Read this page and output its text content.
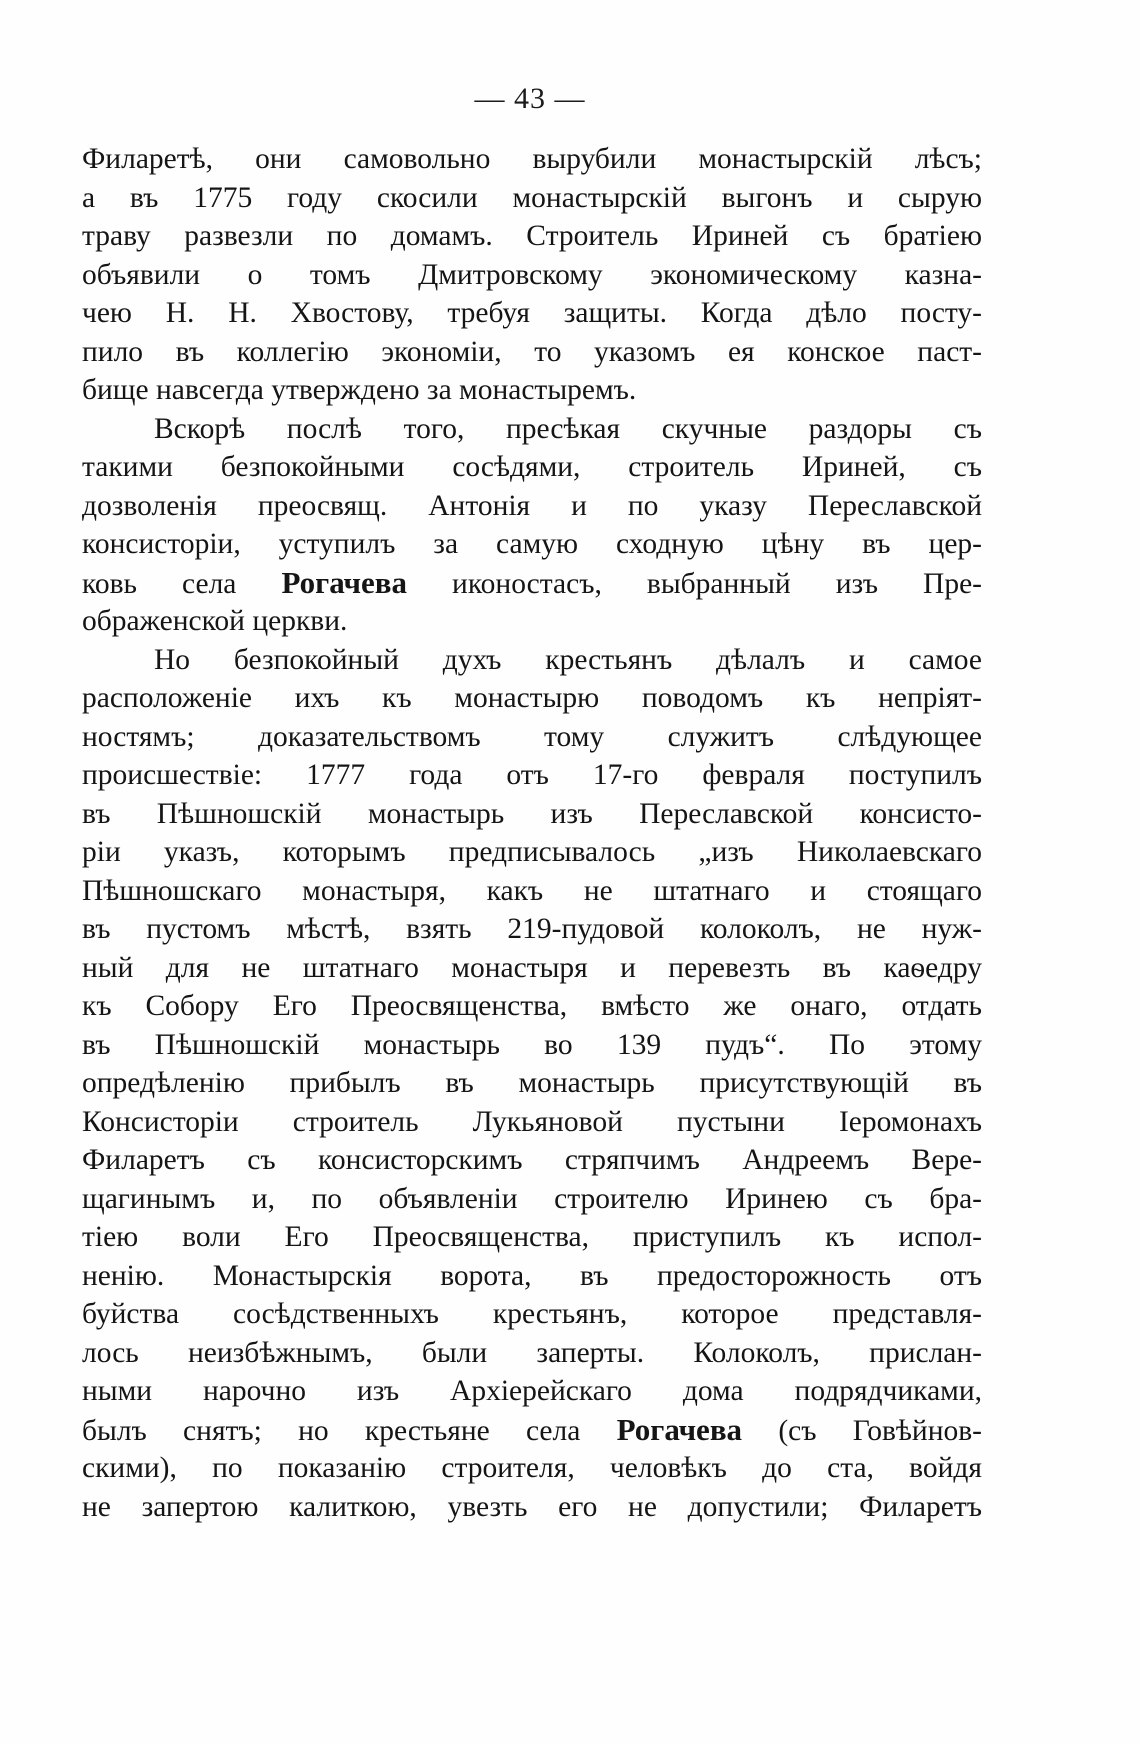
— 43 —
Филаретѣ, они самовольно вырубили монастырскій лѣсъ;
а въ 1775 году скосили монастырскій выгонъ и сырую
траву развезли по домамъ. Строитель Ириней съ братіею
объявили о томъ Дмитровскому экономическому казна-
чею Н. Н. Хвостову, требуя защиты. Когда дѣло посту-
пило въ коллегію экономіи, то указомъ ея конское паст-
бище навсегда утверждено за монастыремъ.
Вскорѣ послѣ того, пресѣкая скучные раздоры съ
такими безпокойными сосѣдями, строитель Ириней, съ
дозволенія преосвящ. Антонія и по указу Переславской
консисторіи, уступилъ за самую сходную цѣну въ цер-
ковь села Рогачева иконостасъ, выбранный изъ Пре-
ображенской церкви.
Но безпокойный духъ крестьянъ дѣлалъ и самое
расположеніе ихъ къ монастырю поводомъ къ непріят-
ностямъ; доказательствомъ тому служитъ слѣдующее
происшествіе: 1777 года отъ 17-го февраля поступилъ
въ Пѣшношскій монастырь изъ Переславской консисто-
ріи указъ, которымъ предписывалось „изъ Николаевскаго
Пѣшношскаго монастыря, какъ не штатнаго и стоящаго
въ пустомъ мѣстѣ, взять 219-пудовой колоколъ, не нуж-
ный для не штатнаго монастыря и перевезть въ каѳедру
къ Собору Его Преосвященства, вмѣсто же онаго, отдать
въ Пѣшношскій монастырь во 139 пудъ“. По этому
опредѣленію прибылъ въ монастырь присутствующій въ
Консисторіи строитель Лукьяновой пустыни Іеромонахъ
Филаретъ съ консисторскимъ стряпчимъ Андреемъ Вере-
щагинымъ и, по объявленіи строителю Иринею съ бра-
тіею воли Его Преосвященства, приступилъ къ испол-
ненію. Монастырскія ворота, въ предосторожность отъ
буйства сосѣдственныхъ крестьянъ, которое представля-
лось неизбѣжнымъ, были заперты. Колоколъ, прислан-
ными нарочно изъ Архіерейскаго дома подрядчиками,
былъ снятъ; но крестьяне села Рогачева (съ Говѣйнов-
скими), по показанію строителя, человѣкъ до ста, войдя
не запертою калиткою, увезть его не допустили; Филаретъ
